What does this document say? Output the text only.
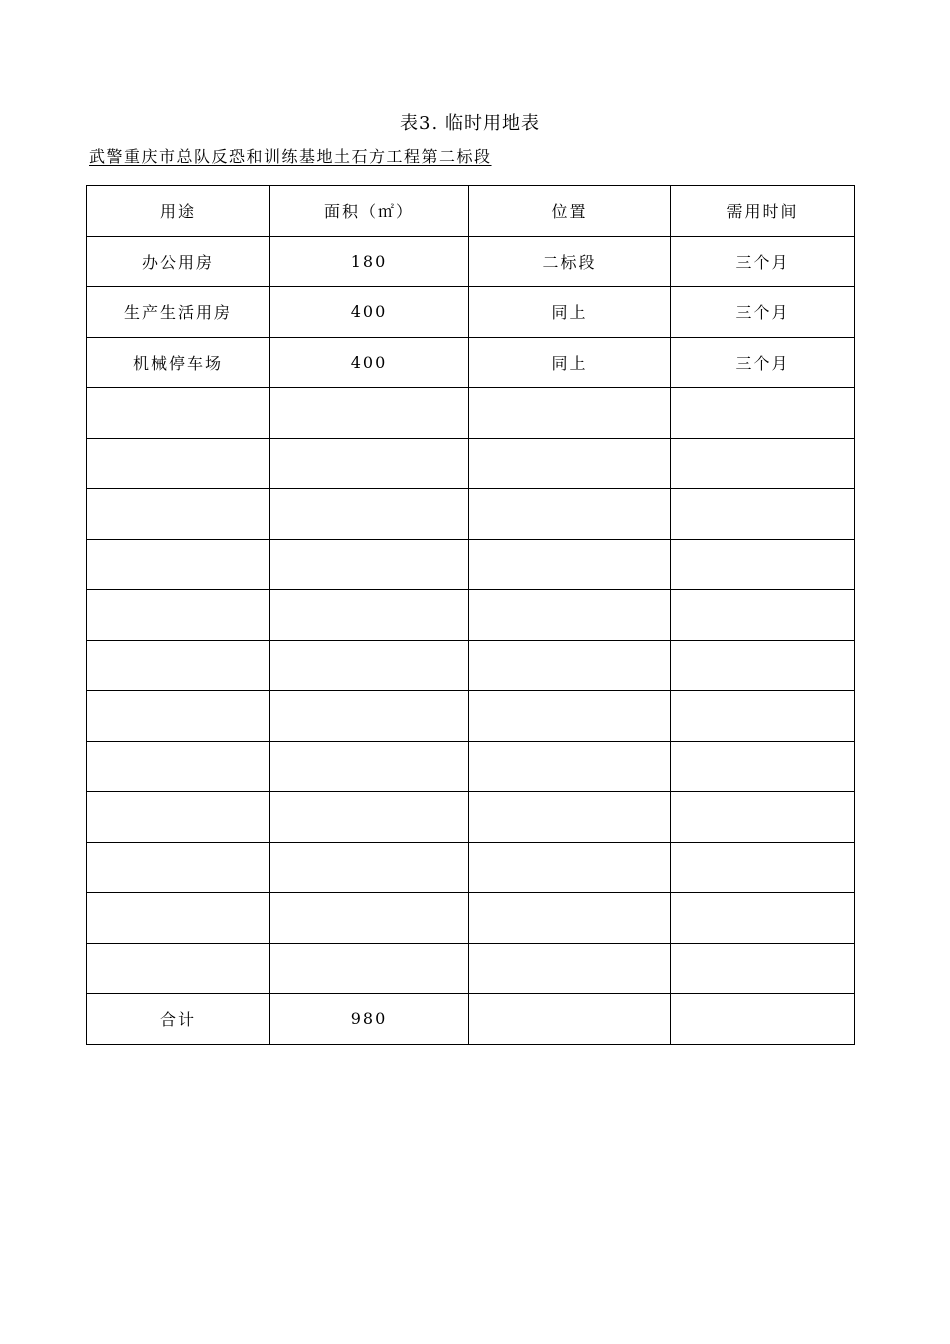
表3. 临时用地表
武警重庆市总队反恐和训练基地土石方工程第二标段
用途	面积（㎡）	位置	需用时间
办公用房	180	二标段	三个月
生产生活用房	400	同上	三个月
机械停车场	400	同上	三个月

合计	980		
